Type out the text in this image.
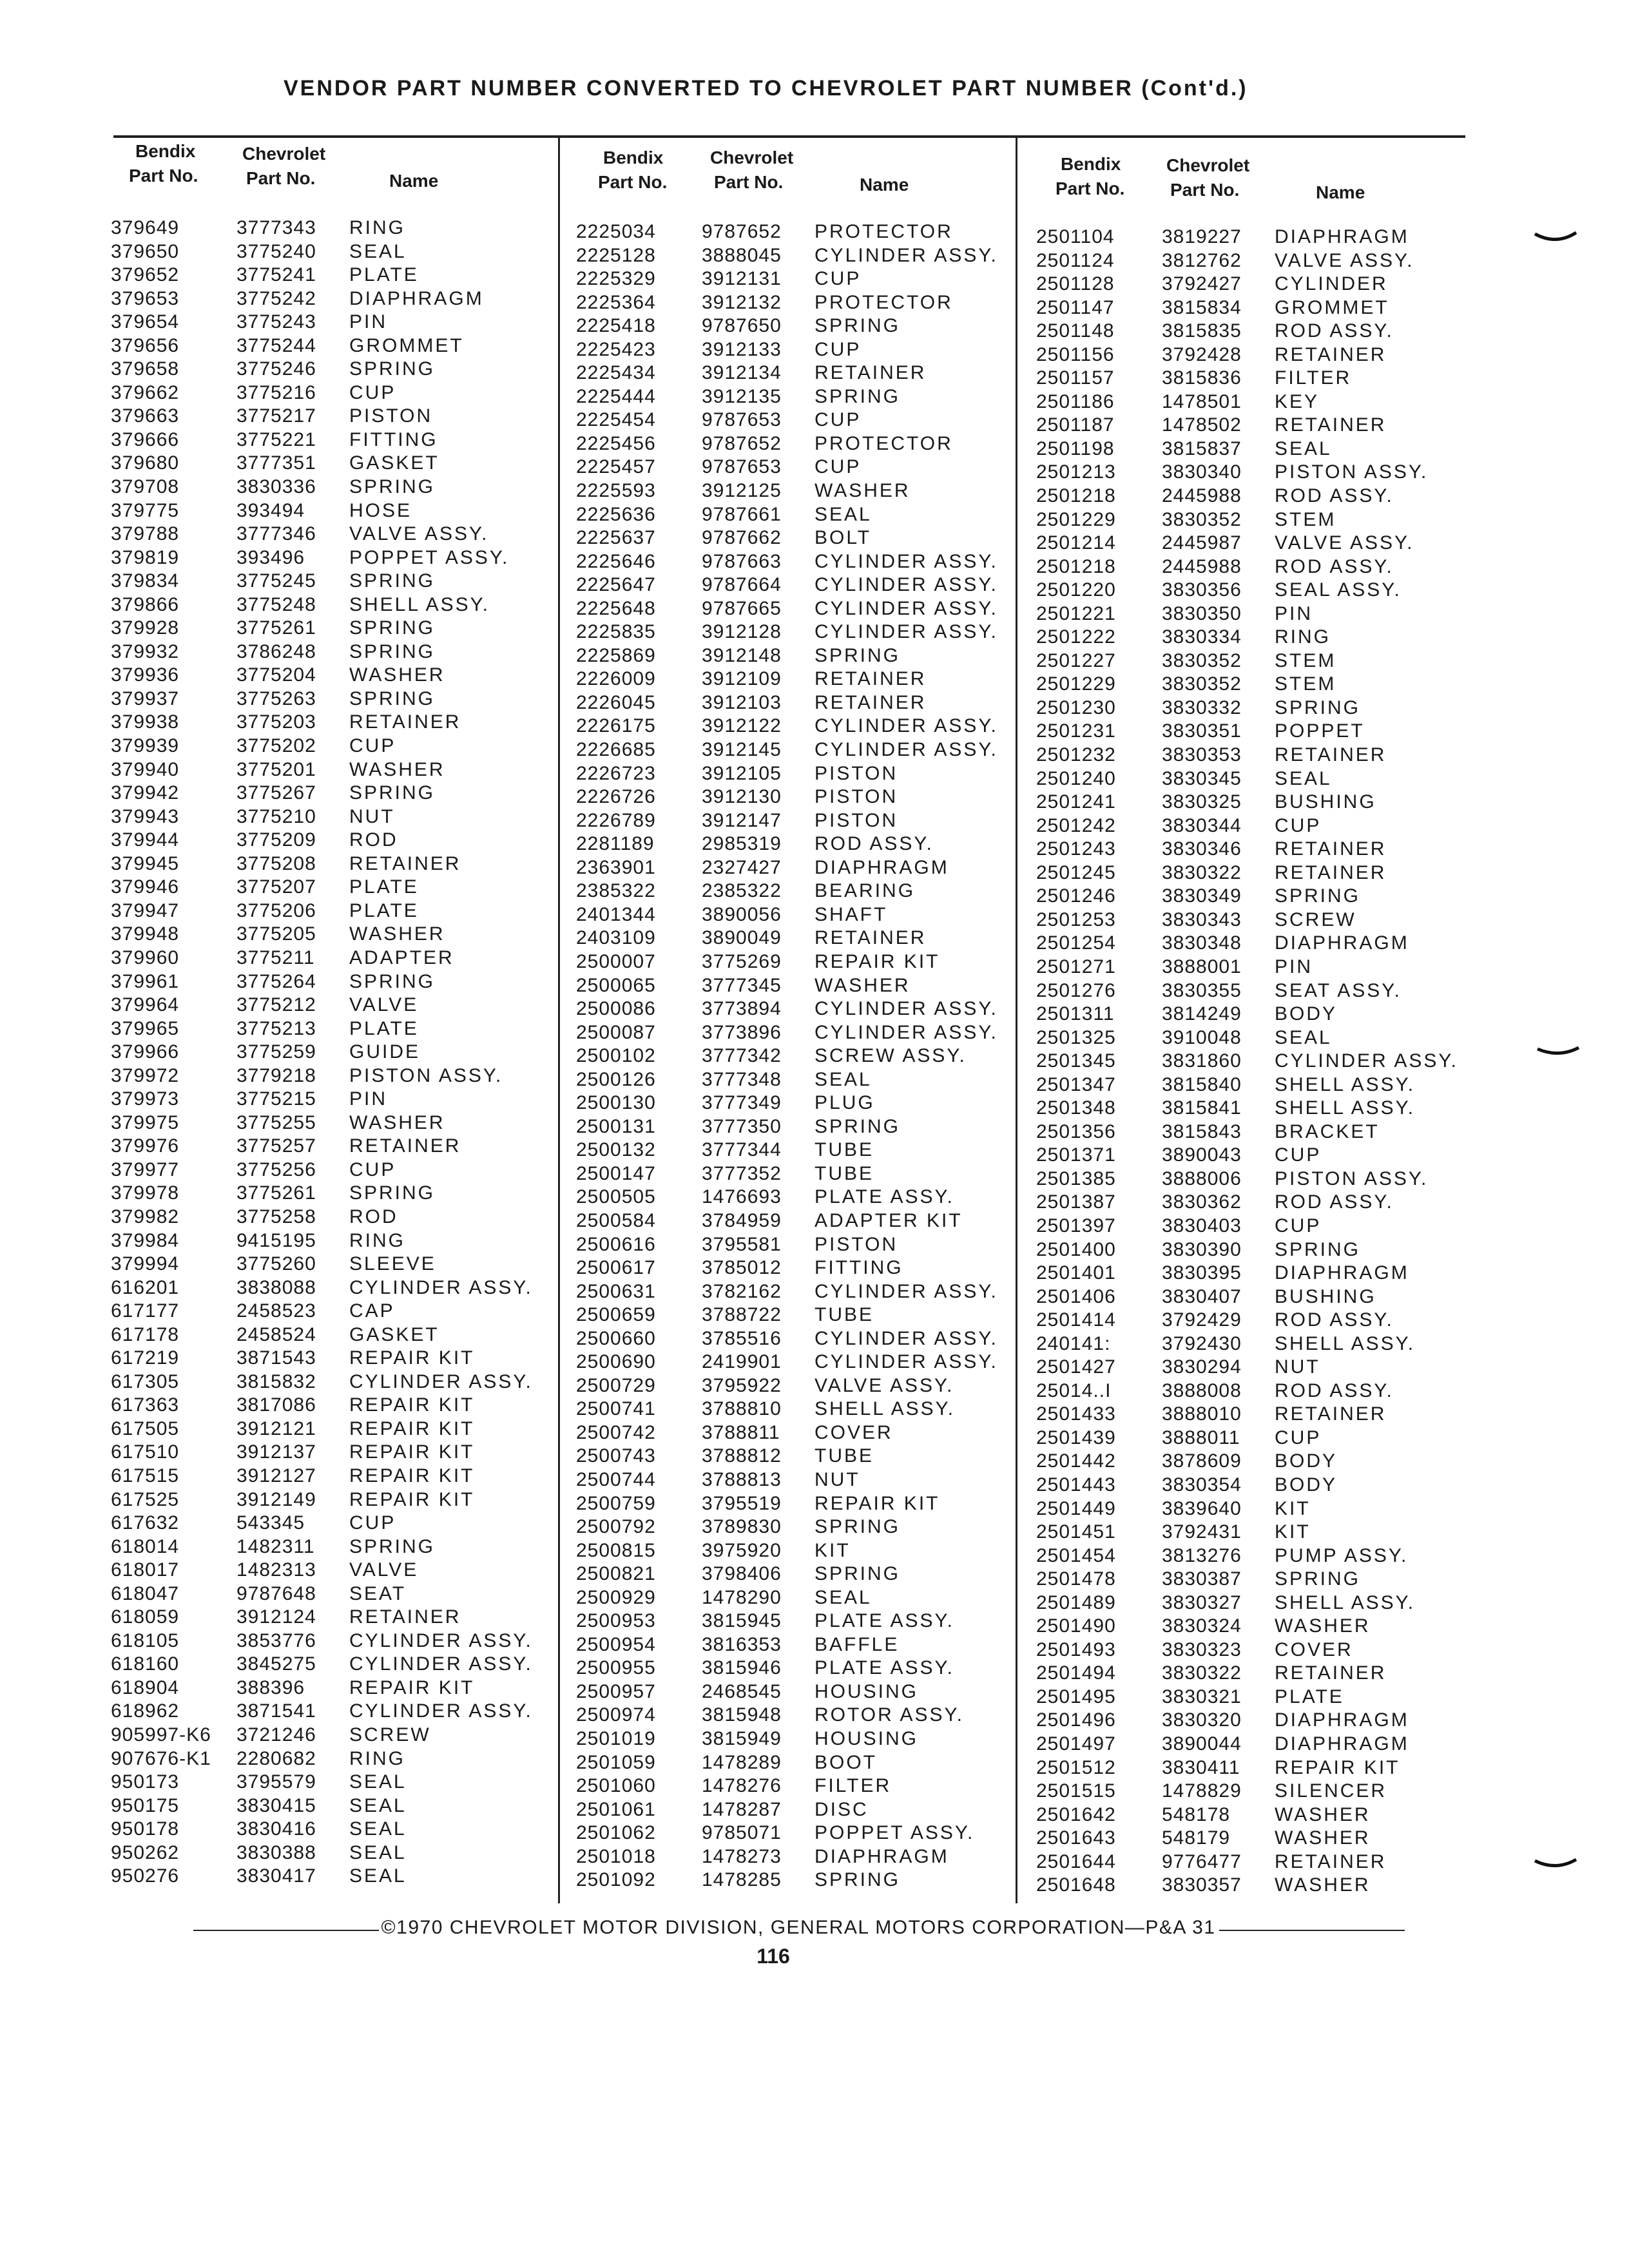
VENDOR PART NUMBER CONVERTED TO CHEVROLET PART NUMBER (Cont'd.)
Bendix
Part No.
Chevrolet
Part No.	Name
379649	3777343 RING
379650	3775240 SEAL
379652	3775241 PLATE
379653	3775242 DIAPHRAGM
379654	3775243 PIN
379656	3775244 GROMMET
379658	3775246 SPRING
379662	3775216 CUP
379663	3775217 PISTON
379666	3775221 FITTING
379680	3777351 GASKET
379708	3830336 SPRING
379775	393494 HOSE
379788	3777346 VALVE ASSY.
379819	393496 POPPET ASSY.
379834	3775245 SPRING
379866	3775248 SHELL ASSY.
379928	3775261 SPRING
379932	3786248 SPRING
379936	3775204 WASHER
379937	3775263 SPRING
379938	3775203 RETAINER
379939	3775202 CUP
379940	3775201 WASHER
379942	3775267 SPRING
379943	3775210 NUT
379944	3775209 ROD
379945	3775208 RETAINER
379946	3775207 PLATE
379947	3775206 PLATE
379948	3775205 WASHER
379960	3775211 ADAPTER
379961	3775264 SPRING
379964	3775212 VALVE
379965	3775213 PLATE
379966	3775259 GUIDE
379972	3779218 PISTON ASSY.
379973	3775215 PIN
379975	3775255 WASHER
379976	3775257 RETAINER
379977	3775256 CUP
379978	3775261 SPRING
379982	3775258 ROD
379984	9415195 RING
379994	3775260 SLEEVE
616201	3838088 CYLINDER ASSY.
617177	2458523 CAP
617178	2458524 GASKET
617219	3871543 REPAIR KIT
617305	3815832 CYLINDER ASSY.
617363	3817086 REPAIR KIT
617505	3912121 REPAIR KIT
617510	3912137 REPAIR KIT
617515	3912127 REPAIR KIT
617525	3912149 REPAIR KIT
617632	543345 CUP
618014	1482311 SPRING
618017	1482313 VALVE
618047	9787648 SEAT
618059	3912124 RETAINER
618105	3853776 CYLINDER ASSY.
618160	3845275 CYLINDER ASSY.
618904	388396 REPAIR KIT
618962	3871541 CYLINDER ASSY.
905997-K6 3721246 SCREW
907676-K1 2280682 RING
950173	3795579 SEAL
950175	3830415 SEAL
950178	3830416 SEAL
950262	3830388 SEAL
950276	3830417 SEAL
Bendix
Part No.
Chevrolet
Part No.	Name
2225034 9787652 PROTECTOR
2225128 3888045 CYLINDER ASSY.
2225329 3912131 CUP
2225364 3912132 PROTECTOR
2225418 9787650 SPRING
2225423 3912133 CUP
2225434 3912134 RETAINER
2225444 3912135 SPRING
2225454 9787653 CUP
2225456 9787652 PROTECTOR
2225457 9787653 CUP
2225593 3912125 WASHER
2225636 9787661 SEAL
2225637 9787662 BOLT
2225646 9787663 CYLINDER ASSY.
2225647 9787664 CYLINDER ASSY.
2225648 9787665 CYLINDER ASSY.
2225835 3912128 CYLINDER ASSY.
2225869 3912148 SPRING
2226009 3912109 RETAINER
2226045 3912103 RETAINER
2226175 3912122 CYLINDER ASSY.
2226685 3912145 CYLINDER ASSY.
2226723 3912105 PISTON
2226726 3912130 PISTON
2226789 3912147 PISTON
2281189 2985319 ROD ASSY.
2363901 2327427 DIAPHRAGM
2385322 2385322 BEARING
2401344 3890056 SHAFT
2403109 3890049 RETAINER
2500007 3775269 REPAIR KIT
2500065 3777345 WASHER
2500086 3773894 CYLINDER ASSY.
2500087 3773896 CYLINDER ASSY.
2500102 3777342 SCREW ASSY.
2500126 3777348 SEAL
2500130 3777349 PLUG
2500131 3777350 SPRING
2500132 3777344 TUBE
2500147 3777352 TUBE
2500505 1476693 PLATE ASSY.
2500584 3784959 ADAPTER KIT
2500616 3795581 PISTON
2500617 3785012 FITTING
2500631 3782162 CYLINDER ASSY.
2500659 3788722 TUBE
2500660 3785516 CYLINDER ASSY.
2500690 2419901 CYLINDER ASSY.
2500729 3795922 VALVE ASSY.
2500741 3788810 SHELL ASSY.
2500742 3788811 COVER
2500743 3788812 TUBE
2500744 3788813 NUT
2500759 3795519 REPAIR KIT
2500792 3789830 SPRING
2500815 3975920 KIT
2500821 3798406 SPRING
2500929 1478290 SEAL
2500953 3815945 PLATE ASSY.
2500954 3816353 BAFFLE
2500955 3815946 PLATE ASSY.
2500957 2468545 HOUSING
2500974 3815948 ROTOR ASSY.
2501019 3815949 HOUSING
2501059 1478289 BOOT
2501060 1478276 FILTER
2501061 1478287 DISC
2501062 9785071 POPPET ASSY.
2501018 1478273 DIAPHRAGM
2501092 1478285 SPRING
Bendix
Part No.
Chevrolet
Part No.	Name
2501104 3819227 DIAPHRAGM
2501124 3812762 VALVE ASSY.
2501128 3792427 CYLINDER
2501147 3815834 GROMMET
2501148 3815835 ROD ASSY.
2501156 3792428 RETAINER
2501157 3815836 FILTER
2501186 1478501 KEY
2501187 1478502 RETAINER
2501198 3815837 SEAL
2501213 3830340 PISTON ASSY.
2501218 2445988 ROD ASSY.
2501229 3830352 STEM
2501214 2445987 VALVE ASSY.
2501218 2445988 ROD ASSY.
2501220 3830356 SEAL ASSY.
2501221 3830350 PIN
2501222 3830334 RING
2501227 3830352 STEM
2501229 3830352 STEM
2501230 3830332 SPRING
2501231 3830351 POPPET
2501232 3830353 RETAINER
2501240 3830345 SEAL
2501241 3830325 BUSHING
2501242 3830344 CUP
2501243 3830346 RETAINER
2501245 3830322 RETAINER
2501246 3830349 SPRING
2501253 3830343 SCREW
2501254 3830348 DIAPHRAGM
2501271 3888001 PIN
2501276 3830355 SEAT ASSY.
2501311 3814249 BODY
2501325 3910048 SEAL
2501345 3831860 CYLINDER ASSY.
2501347 3815840 SHELL ASSY.
2501348 3815841 SHELL ASSY.
2501356 3815843 BRACKET
2501371 3890043 CUP
2501385 3888006 PISTON ASSY.
2501387 3830362 ROD ASSY.
2501397 3830403 CUP
2501400 3830390 SPRING
2501401 3830395 DIAPHRAGM
2501406 3830407 BUSHING
2501414 3792429 ROD ASSY.
240141:	3792430 SHELL ASSY.
2501427 3830294 NUT
25014..I	3888008 ROD ASSY.
2501433 3888010 RETAINER
2501439 3888011 CUP
2501442 3878609 BODY
2501443 3830354 BODY
2501449 3839640 KIT
2501451 3792431 KIT
2501454 3813276 PUMP ASSY.
2501478 3830387 SPRING
2501489 3830327 SHELL ASSY.
2501490 3830324 WASHER
2501493 3830323 COVER
2501494 3830322 RETAINER
2501495 3830321 PLATE
2501496 3830320 DIAPHRAGM
2501497 3890044 DIAPHRAGM
2501512 3830411 REPAIR KIT
2501515 1478829 SILENCER
2501642 548178 WASHER
2501643 548179 WASHER
2501644 9776477 RETAINER
2501648 3830357 WASHER
©1970 CHEVROLET MOTOR DIVISION, GENERAL MOTORS CORPORATION—P&A 31
116
